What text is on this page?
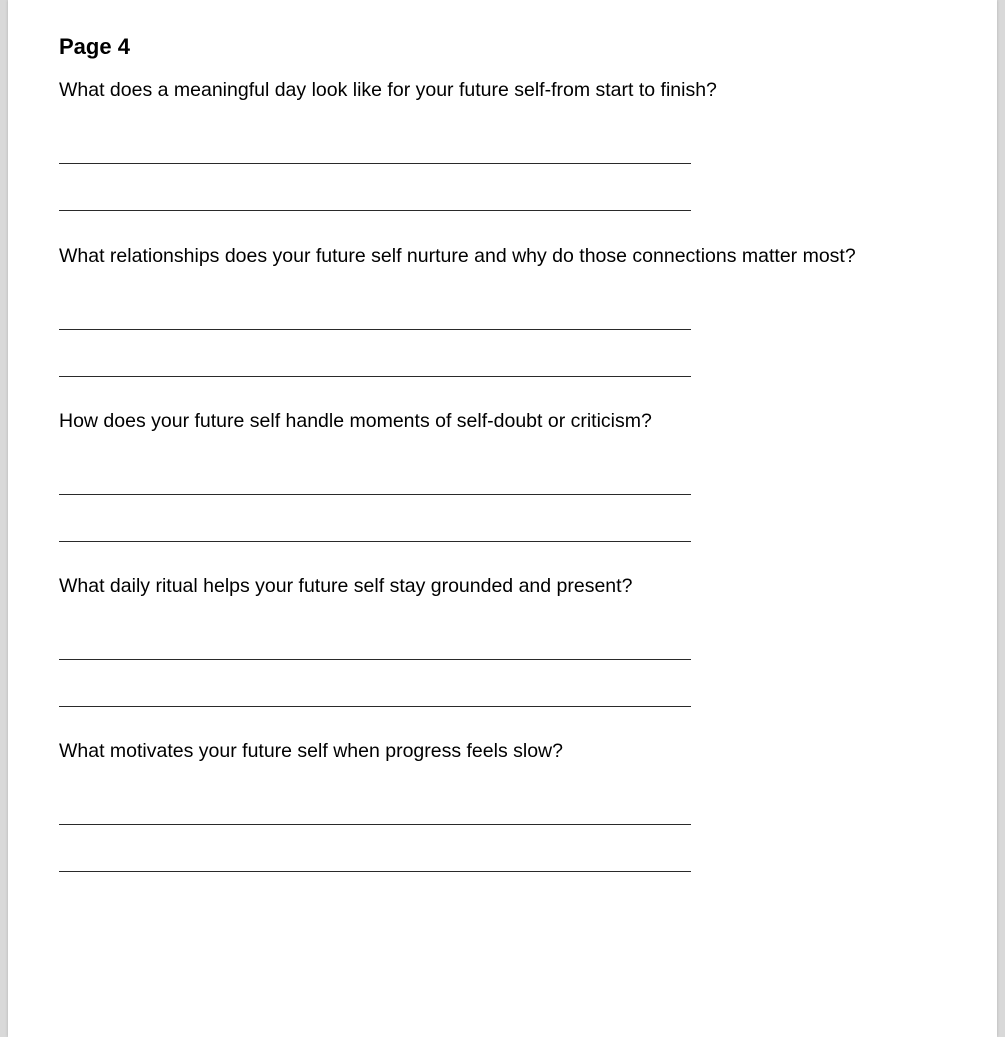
Page 4

What does a meaningful day look like for your future self-from start to finish?

What relationships does your future self nurture and why do those connections matter most?

How does your future self handle moments of self-doubt or criticism?

What daily ritual helps your future self stay grounded and present?

What motivates your future self when progress feels slow?
